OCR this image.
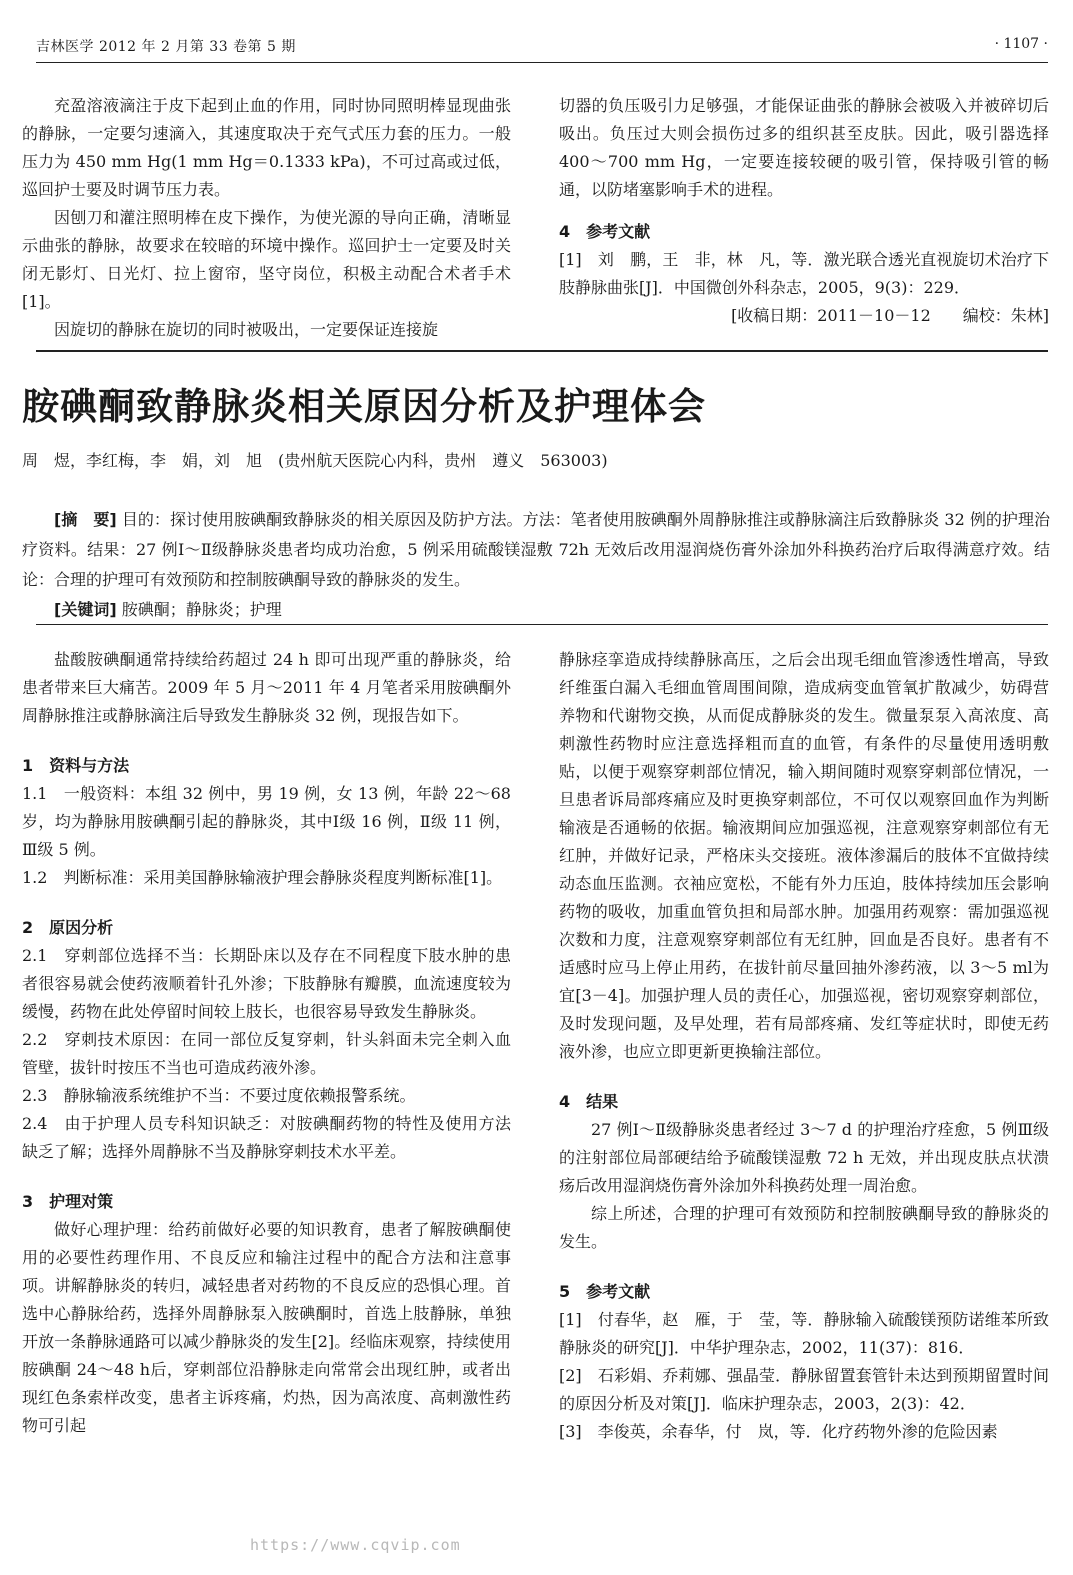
吉林医学 2012 年 2 月第 33 卷第 5 期	· 1107 ·

充盈溶液滴注于皮下起到止血的作用，同时协同照明棒显现曲张的静脉，一定要匀速滴入，其速度取决于充气式压力套的压力。一般压力为 450 mm Hg(1 mm Hg＝0.1333 kPa)，不可过高或过低，巡回护士要及时调节压力表。

因刨刀和灌注照明棒在皮下操作，为使光源的导向正确，清晰显示曲张的静脉，故要求在较暗的环境中操作。巡回护士一定要及时关闭无影灯、日光灯、拉上窗帘，坚守岗位，积极主动配合术者手术[1]。

因旋切的静脉在旋切的同时被吸出，一定要保证连接旋

切器的负压吸引力足够强，才能保证曲张的静脉会被吸入并被碎切后吸出。负压过大则会损伤过多的组织甚至皮肤。因此，吸引器选择 400～700 mm Hg，一定要连接较硬的吸引管，保持吸引管的畅通，以防堵塞影响手术的进程。

4　参考文献

[1]　刘　鹏，王　非，林　凡，等．激光联合透光直视旋切术治疗下肢静脉曲张[J]．中国微创外科杂志，2005，9(3)：229．

[收稿日期：2011－10－12　　编校：朱林]

胺碘酮致静脉炎相关原因分析及护理体会
周　煜，李红梅，李　娟，刘　旭　(贵州航天医院心内科，贵州　遵义　563003)

[摘　要] 目的：探讨使用胺碘酮致静脉炎的相关原因及防护方法。方法：笔者使用胺碘酮外周静脉推注或静脉滴注后致静脉炎 32 例的护理治疗资料。结果：27 例Ⅰ～Ⅱ级静脉炎患者均成功治愈，5 例采用硫酸镁湿敷 72h 无效后改用湿润烧伤膏外涂加外科换药治疗后取得满意疗效。结论：合理的护理可有效预防和控制胺碘酮导致的静脉炎的发生。

[关键词] 胺碘酮；静脉炎；护理

盐酸胺碘酮通常持续给药超过 24 h 即可出现严重的静脉炎，给患者带来巨大痛苦。2009 年 5 月～2011 年 4 月笔者采用胺碘酮外周静脉推注或静脉滴注后导致发生静脉炎 32 例，现报告如下。

1　资料与方法

1.1　一般资料：本组 32 例中，男 19 例，女 13 例，年龄 22～68 岁，均为静脉用胺碘酮引起的静脉炎，其中Ⅰ级 16 例，Ⅱ级 11 例，Ⅲ级 5 例。

1.2　判断标准：采用美国静脉输液护理会静脉炎程度判断标准[1]。

2　原因分析

2.1　穿刺部位选择不当：长期卧床以及存在不同程度下肢水肿的患者很容易就会使药液顺着针孔外渗；下肢静脉有瓣膜，血流速度较为缓慢，药物在此处停留时间较上肢长，也很容易导致发生静脉炎。

2.2　穿刺技术原因：在同一部位反复穿刺，针头斜面未完全刺入血管壁，拔针时按压不当也可造成药液外渗。

2.3　静脉输液系统维护不当：不要过度依赖报警系统。

2.4　由于护理人员专科知识缺乏：对胺碘酮药物的特性及使用方法缺乏了解；选择外周静脉不当及静脉穿刺技术水平差。

3　护理对策

做好心理护理：给药前做好必要的知识教育，患者了解胺碘酮使用的必要性药理作用、不良反应和输注过程中的配合方法和注意事项。讲解静脉炎的转归，减轻患者对药物的不良反应的恐惧心理。首选中心静脉给药，选择外周静脉泵入胺碘酮时，首选上肢静脉，单独开放一条静脉通路可以减少静脉炎的发生[2]。经临床观察，持续使用胺碘酮 24～48 h后，穿刺部位沿静脉走向常常会出现红肿，或者出现红色条索样改变，患者主诉疼痛，灼热，因为高浓度、高刺激性药物可引起

静脉痉挛造成持续静脉高压，之后会出现毛细血管渗透性增高，导致纤维蛋白漏入毛细血管周围间隙，造成病变血管氧扩散减少，妨碍营养物和代谢物交换，从而促成静脉炎的发生。微量泵泵入高浓度、高刺激性药物时应注意选择粗而直的血管，有条件的尽量使用透明敷贴，以便于观察穿刺部位情况，输入期间随时观察穿刺部位情况，一旦患者诉局部疼痛应及时更换穿刺部位，不可仅以观察回血作为判断输液是否通畅的依据。输液期间应加强巡视，注意观察穿刺部位有无红肿，并做好记录，严格床头交接班。液体渗漏后的肢体不宜做持续动态血压监测。衣袖应宽松，不能有外力压迫，肢体持续加压会影响药物的吸收，加重血管负担和局部水肿。加强用药观察：需加强巡视次数和力度，注意观察穿刺部位有无红肿，回血是否良好。患者有不适感时应马上停止用药，在拔针前尽量回抽外渗药液，以 3～5 ml为宜[3－4]。加强护理人员的责任心，加强巡视，密切观察穿刺部位，及时发现问题，及早处理，若有局部疼痛、发红等症状时，即使无药液外渗，也应立即更新更换输注部位。

4　结果

27 例Ⅰ～Ⅱ级静脉炎患者经过 3～7 d 的护理治疗痊愈，5 例Ⅲ级的注射部位局部硬结给予硫酸镁湿敷 72 h 无效，并出现皮肤点状溃疡后改用湿润烧伤膏外涂加外科换药处理一周治愈。

综上所述，合理的护理可有效预防和控制胺碘酮导致的静脉炎的发生。

5　参考文献

[1]　付春华，赵　雁，于　莹，等．静脉输入硫酸镁预防诺维苯所致静脉炎的研究[J]．中华护理杂志，2002，11(37)：816．

[2]　石彩娟、乔莉娜、强晶莹．静脉留置套管针未达到预期留置时间的原因分析及对策[J]．临床护理杂志，2003，2(3)：42．

[3]　李俊英，余春华，付　岚，等．化疗药物外渗的危险因素

https://www.cqvip.com
